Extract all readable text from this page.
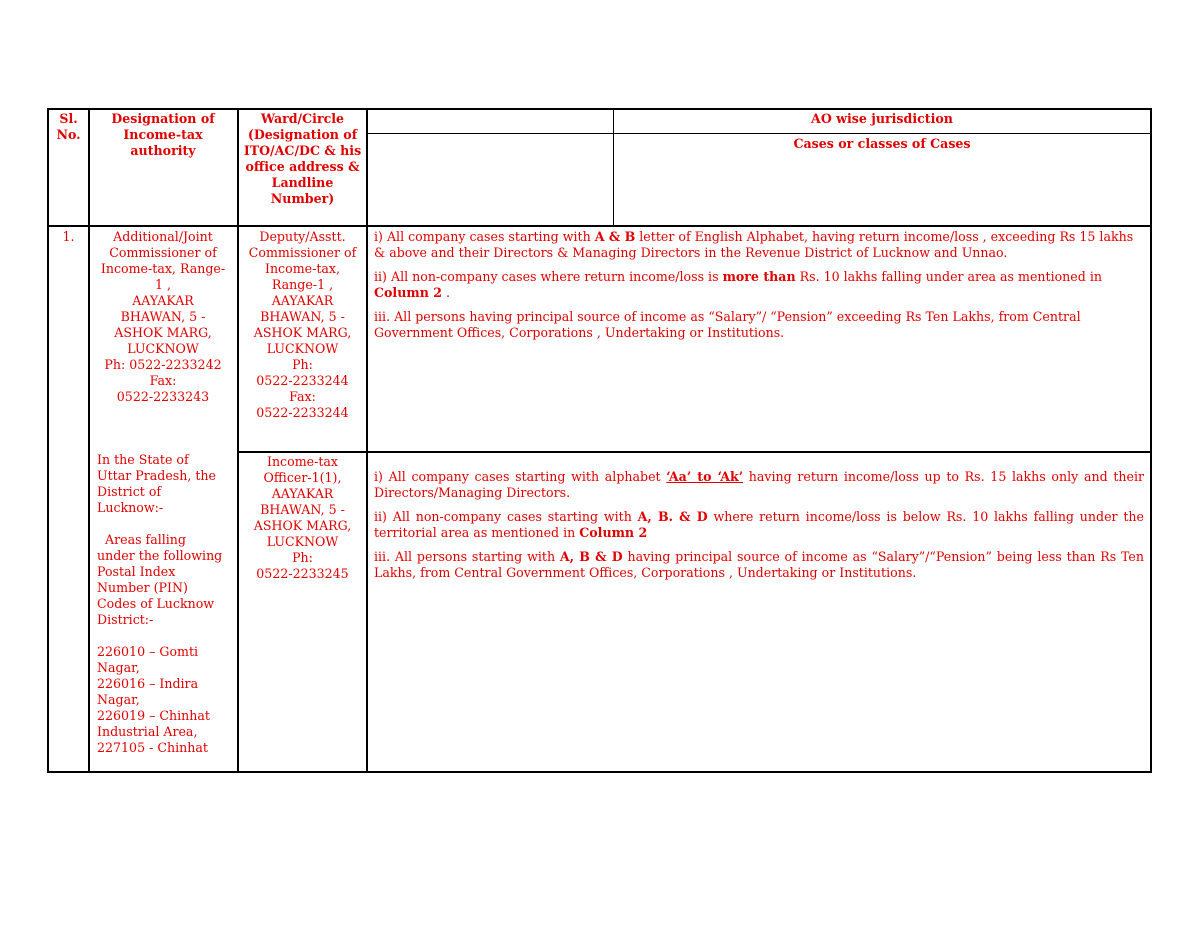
Sl. No.
Designation of Income-tax authority
Ward/Circle (Designation of ITO/AC/DC & his office address & Landline Number)
AO wise jurisdiction
Cases or classes of Cases
1.	Additional/Joint
Commissioner of
Income-tax, Range-
1 ,
AAYAKAR
BHAWAN, 5 -
ASHOK MARG,
LUCKNOW
Ph: 0522-2233242
Fax:
0522-2233243
In the State of
Uttar Pradesh, the
District of
Lucknow:-

Areas falling
under the following
Postal Index
Number (PIN)
Codes of Lucknow
District:-

226010 – Gomti
Nagar,
226016 – Indira
Nagar,
226019 – Chinhat
Industrial Area,
227105 - Chinhat
Deputy/Asstt.
Commissioner of
Income-tax,
Range-1 ,
AAYAKAR
BHAWAN, 5 -
ASHOK MARG,
LUCKNOW
Ph:
0522-2233244
Fax:
0522-2233244
Income-tax
Officer-1(1),
AAYAKAR
BHAWAN, 5 -
ASHOK MARG,
LUCKNOW
Ph:
0522-2233245

i) All company cases starting with A & B letter of English Alphabet, having return income/loss , exceeding Rs 15 lakhs & above and their Directors & Managing Directors in the Revenue District of Lucknow and Unnao.

ii) All non-company cases where return income/loss is more than Rs. 10 lakhs falling under area as mentioned in Column 2 .

iii. All persons having principal source of income as “Salary”/ “Pension” exceeding Rs Ten Lakhs, from Central Government Offices, Corporations , Undertaking or Institutions.

i) All company cases starting with alphabet ‘Aa’ to ‘Ak’ having return income/loss up to Rs. 15 lakhs only and their Directors/Managing Directors.

ii) All non-company cases starting with A, B. & D where return income/loss is below Rs. 10 lakhs falling under the territorial area as mentioned in Column 2

iii. All persons starting with A, B & D having principal source of income as “Salary”/“Pension” being less than Rs Ten Lakhs, from Central Government Offices, Corporations , Undertaking or Institutions.
